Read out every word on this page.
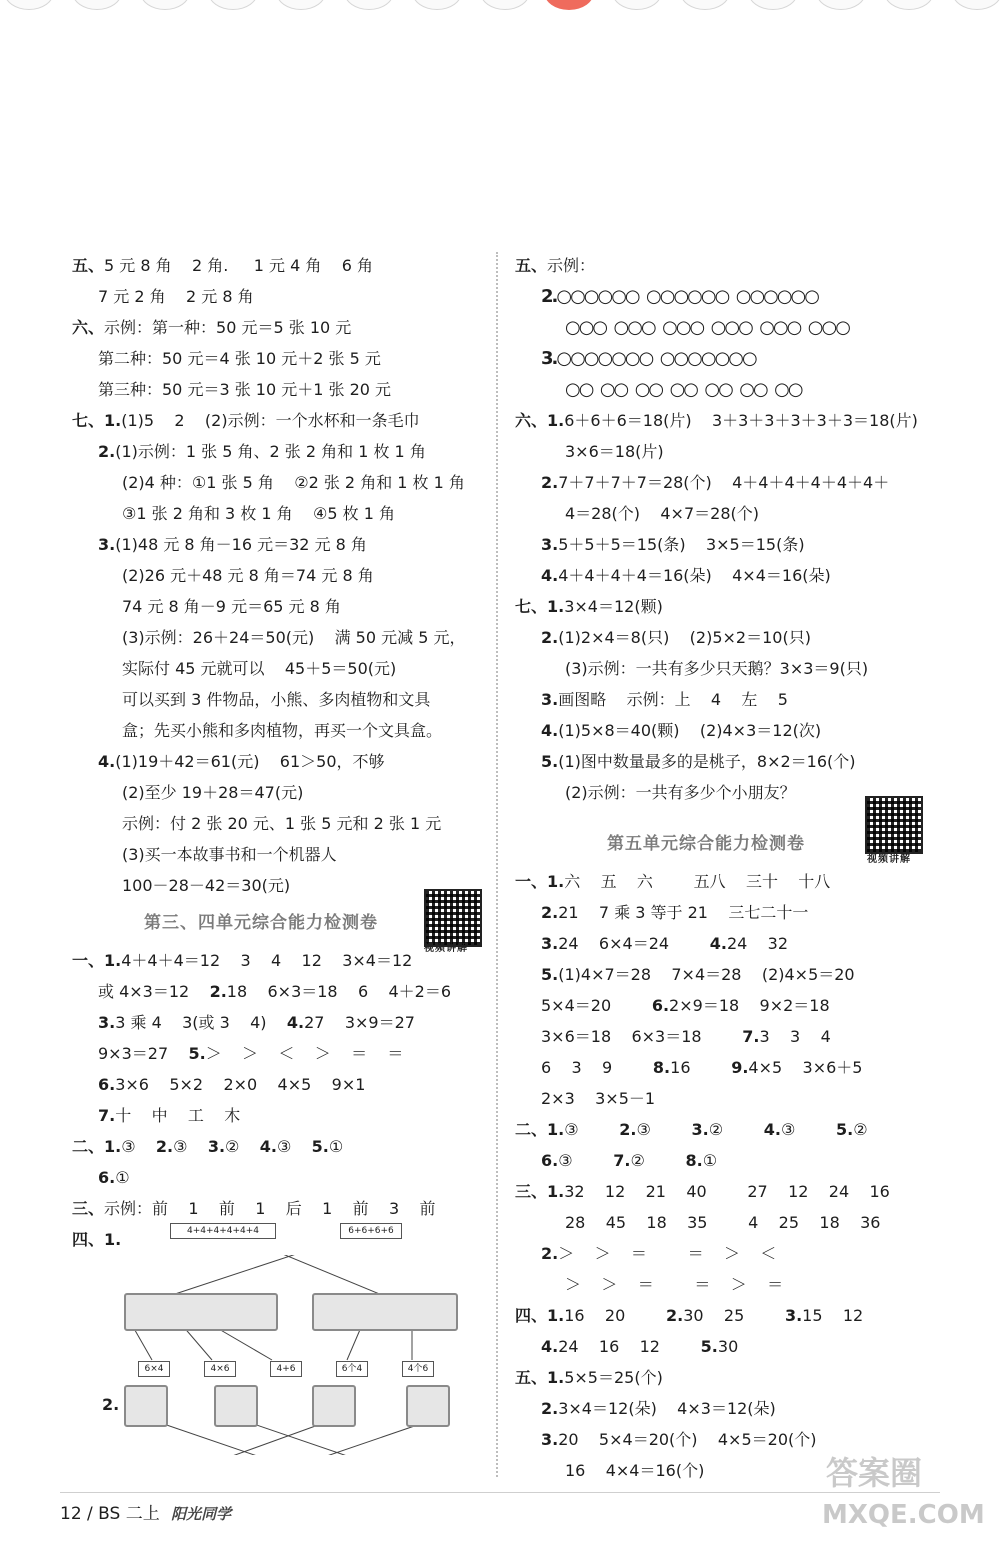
五、5 元 8 角    2 角.     1 元 4 角    6 角
7 元 2 角    2 元 8 角
六、示例：第一种：50 元＝5 张 10 元
第二种：50 元＝4 张 10 元＋2 张 5 元
第三种：50 元＝3 张 10 元＋1 张 20 元
七、1.(1)5    2    (2)示例：一个水杯和一条毛巾
2.(1)示例：1 张 5 角、2 张 2 角和 1 枚 1 角
(2)4 种：①1 张 5 角    ②2 张 2 角和 1 枚 1 角
③1 张 2 角和 3 枚 1 角    ④5 枚 1 角
3.(1)48 元 8 角－16 元＝32 元 8 角
(2)26 元＋48 元 8 角＝74 元 8 角
74 元 8 角－9 元＝65 元 8 角
(3)示例：26＋24＝50(元)    满 50 元减 5 元，
实际付 45 元就可以    45＋5＝50(元)
可以买到 3 件物品，小熊、多肉植物和文具
盒；先买小熊和多肉植物，再买一个文具盒。
4.(1)19＋42＝61(元)    61＞50，不够
(2)至少 19＋28＝47(元)
示例：付 2 张 20 元、1 张 5 元和 2 张 1 元
(3)买一本故事书和一个机器人
100－28－42＝30(元)
第三、四单元综合能力检测卷
视频讲解
一、1.4＋4＋4＝12    3    4    12    3×4＝12
或 4×3＝12    2.18    6×3＝18    6    4＋2＝6
3.3 乘 4    3(或 3    4)    4.27    3×9＝27
9×3＝27    5.＞    ＞    ＜    ＞    ＝    ＝
6.3×6    5×2    2×0    4×5    9×1
7.十    中    工    木
二、1.③    2.③    3.②    4.③    5.①
6.①
三、示例：前    1    前    1    后    1    前    3    前
四、1.	4+4+4+4+4+4	6+6+6+6
6×4	4×6	4+6	6个4	4个6
2.
五、示例：
2.○○○○○○  ○○○○○○  ○○○○○○
○○○  ○○○  ○○○  ○○○  ○○○  ○○○
3.○○○○○○○  ○○○○○○○
○○  ○○  ○○  ○○  ○○  ○○  ○○
六、1.6＋6＋6＝18(片)    3＋3＋3＋3＋3＋3＝18(片)
3×6＝18(片)
2.7＋7＋7＋7＝28(个)    4＋4＋4＋4＋4＋4＋
4＝28(个)    4×7＝28(个)
3.5＋5＋5＝15(条)    3×5＝15(条)
4.4＋4＋4＋4＝16(朵)    4×4＝16(朵)
七、1.3×4＝12(颗)
2.(1)2×4＝8(只)    (2)5×2＝10(只)
(3)示例：一共有多少只天鹅？3×3＝9(只)
3.画图略    示例：上    4    左    5
4.(1)5×8＝40(颗)    (2)4×3＝12(次)
5.(1)图中数量最多的是桃子，8×2＝16(个)
(2)示例：一共有多少个小朋友？
第五单元综合能力检测卷
视频讲解
一、1.六    五    六        五八    三十    十八
2.21    7 乘 3 等于 21    三七二十一
3.24    6×4＝24        4.24    32
5.(1)4×7＝28    7×4＝28    (2)4×5＝20
5×4＝20        6.2×9＝18    9×2＝18
3×6＝18    6×3＝18        7.3    3    4
6    3    9        8.16        9.4×5    3×6＋5
2×3    3×5－1
二、1.③        2.③        3.②        4.③        5.②
6.③        7.②        8.①
三、1.32    12    21    40        27    12    24    16
28    45    18    35        4    25    18    36
2.＞    ＞    ＝        ＝    ＞    ＜
＞    ＞    ＝        ＝    ＞    ＝
四、1.16    20        2.30    25        3.15    12
4.24    16    12        5.30
五、1.5×5＝25(个)
2.3×4＝12(朵)    4×3＝12(朵)
3.20    5×4＝20(个)    4×5＝20(个)
16    4×4＝16(个)
12 / BS 二上 阳光同学
答案圈
MXQE.COM
